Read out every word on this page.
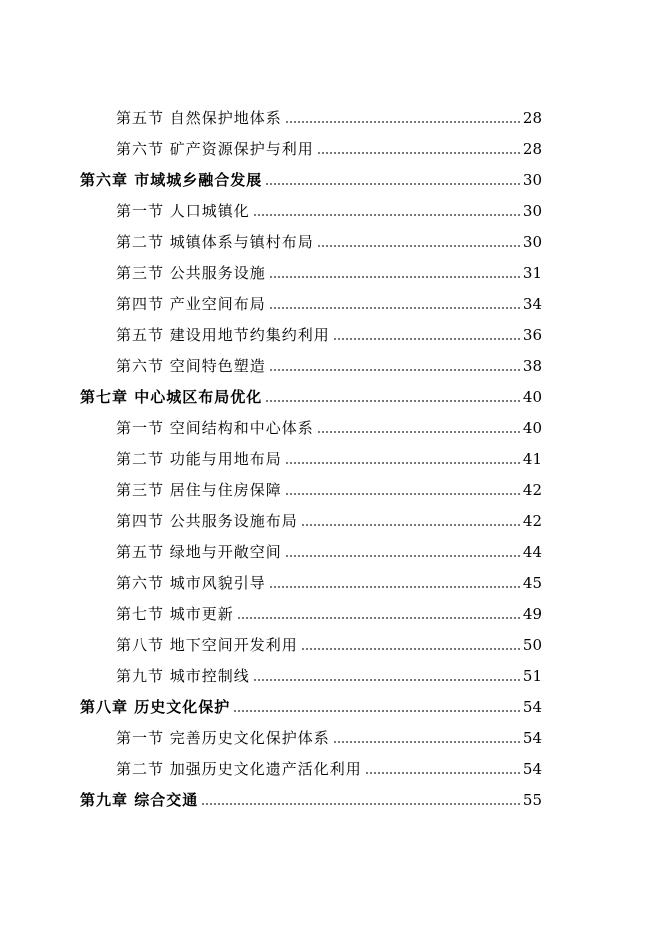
第五节 自然保护地体系	28
第六节 矿产资源保护与利用	28
第六章 市域城乡融合发展	30
第一节 人口城镇化	30
第二节 城镇体系与镇村布局	30
第三节 公共服务设施	31
第四节 产业空间布局	34
第五节 建设用地节约集约利用	36
第六节 空间特色塑造	38
第七章 中心城区布局优化	40
第一节 空间结构和中心体系	40
第二节 功能与用地布局	41
第三节 居住与住房保障	42
第四节 公共服务设施布局	42
第五节 绿地与开敞空间	44
第六节 城市风貌引导	45
第七节 城市更新	49
第八节 地下空间开发利用	50
第九节 城市控制线	51
第八章 历史文化保护	54
第一节 完善历史文化保护体系	54
第二节 加强历史文化遗产活化利用	54
第九章 综合交通	55
